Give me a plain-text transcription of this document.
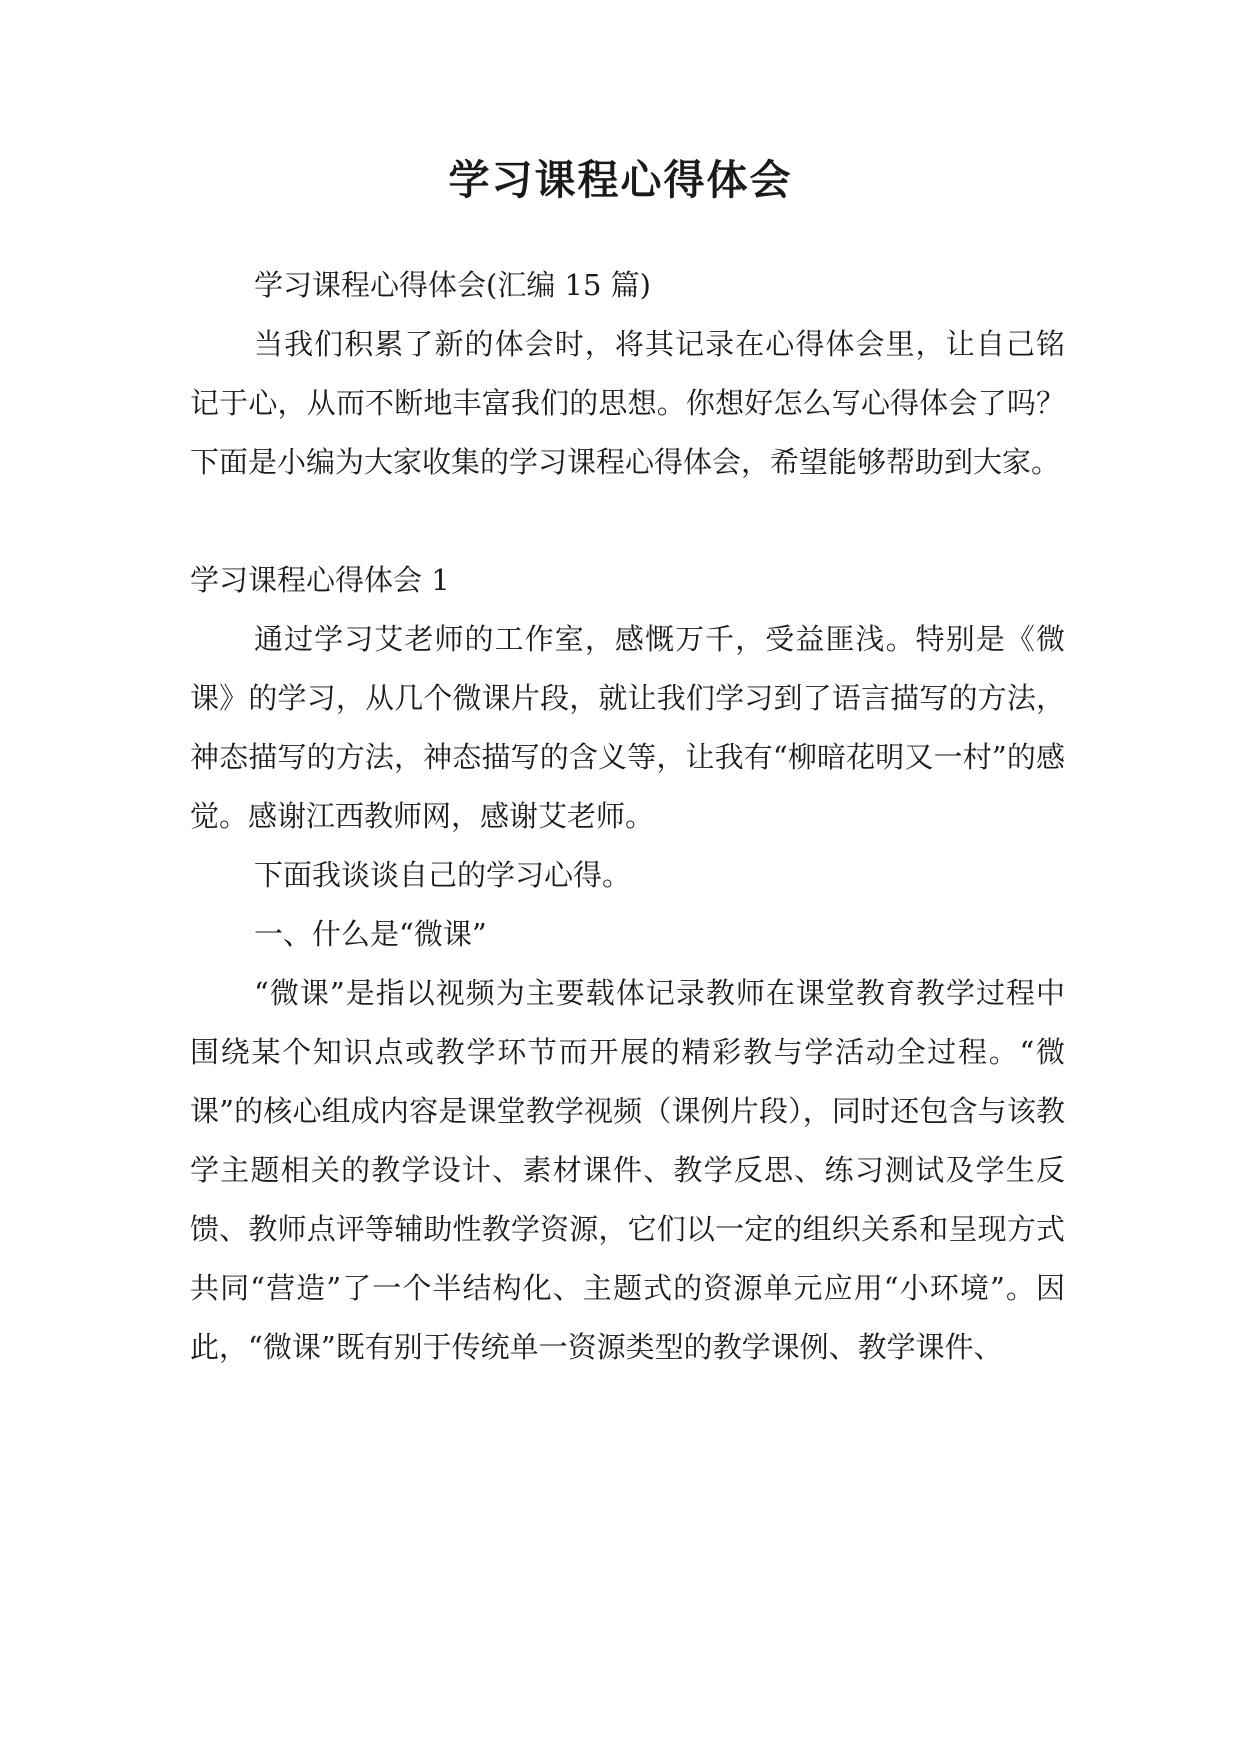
学习课程心得体会

学习课程心得体会(汇编 15 篇)

当我们积累了新的体会时，将其记录在心得体会里，让自己铭记于心，从而不断地丰富我们的思想。你想好怎么写心得体会了吗？下面是小编为大家收集的学习课程心得体会，希望能够帮助到大家。

学习课程心得体会 1

通过学习艾老师的工作室，感慨万千，受益匪浅。特别是《微课》的学习，从几个微课片段，就让我们学习到了语言描写的方法，神态描写的方法，神态描写的含义等，让我有“柳暗花明又一村”的感觉。感谢江西教师网，感谢艾老师。

下面我谈谈自己的学习心得。

一、什么是“微课”

“微课”是指以视频为主要载体记录教师在课堂教育教学过程中围绕某个知识点或教学环节而开展的精彩教与学活动全过程。“微课”的核心组成内容是课堂教学视频（课例片段），同时还包含与该教学主题相关的教学设计、素材课件、教学反思、练习测试及学生反馈、教师点评等辅助性教学资源，它们以一定的组织关系和呈现方式共同“营造”了一个半结构化、主题式的资源单元应用“小环境”。因此，“微课”既有别于传统单一资源类型的教学课例、教学课件、
